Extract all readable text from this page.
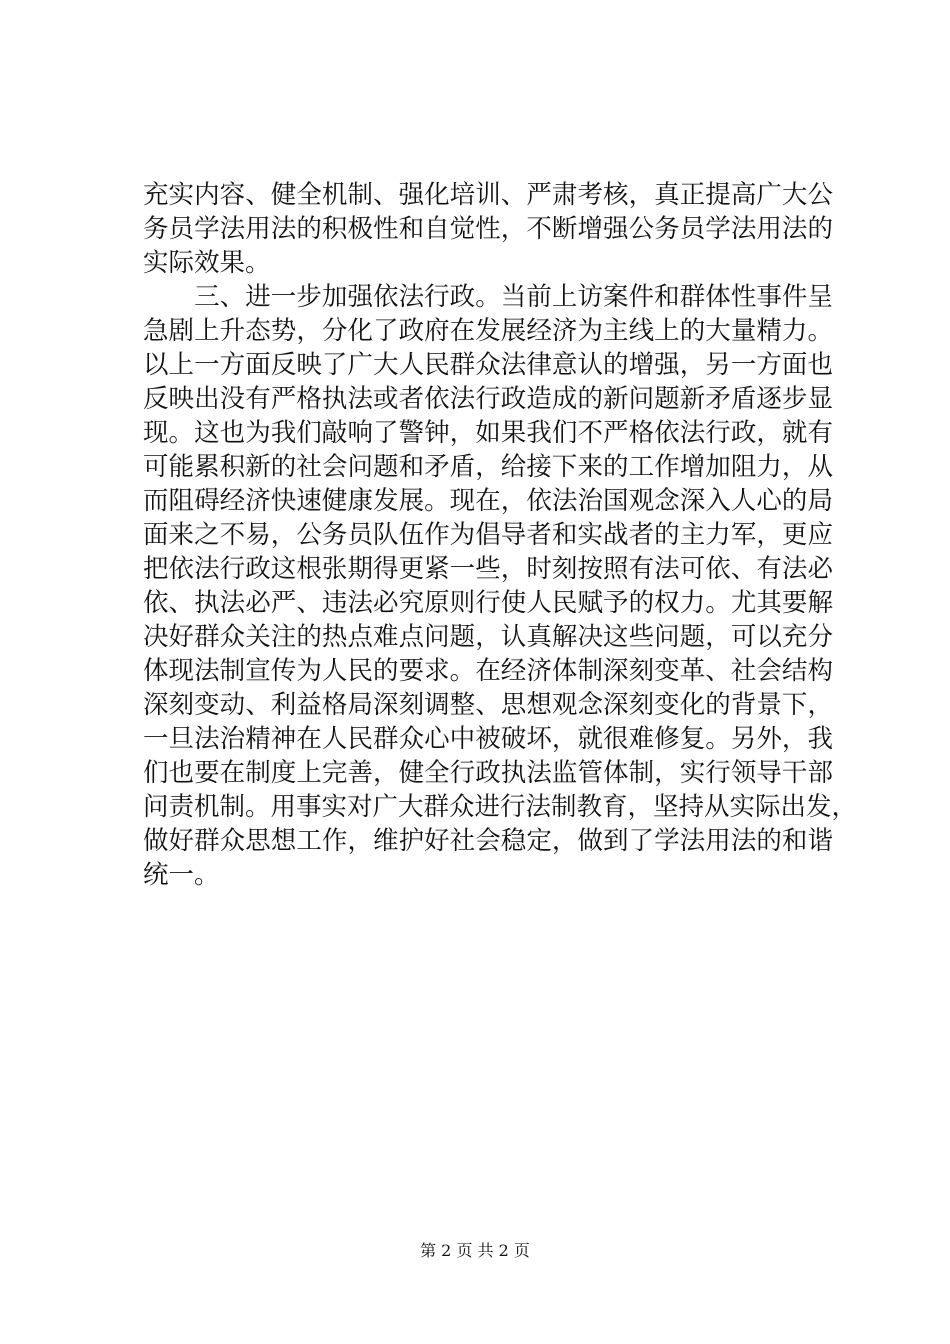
充实内容、健全机制、强化培训、严肃考核，真正提高广大公
务员学法用法的积极性和自觉性，不断增强公务员学法用法的
实际效果。
　　三、进一步加强依法行政。当前上访案件和群体性事件呈
急剧上升态势，分化了政府在发展经济为主线上的大量精力。
以上一方面反映了广大人民群众法律意认的增强，另一方面也
反映出没有严格执法或者依法行政造成的新问题新矛盾逐步显
现。这也为我们敲响了警钟，如果我们不严格依法行政，就有
可能累积新的社会问题和矛盾，给接下来的工作增加阻力，从
而阻碍经济快速健康发展。现在，依法治国观念深入人心的局
面来之不易，公务员队伍作为倡导者和实战者的主力军，更应
把依法行政这根张期得更紧一些，时刻按照有法可依、有法必
依、执法必严、违法必究原则行使人民赋予的权力。尤其要解
决好群众关注的热点难点问题，认真解决这些问题，可以充分
体现法制宣传为人民的要求。在经济体制深刻变革、社会结构
深刻变动、利益格局深刻调整、思想观念深刻变化的背景下，
一旦法治精神在人民群众心中被破坏，就很难修复。另外，我
们也要在制度上完善，健全行政执法监管体制，实行领导干部
问责机制。用事实对广大群众进行法制教育，坚持从实际出发，
做好群众思想工作，维护好社会稳定，做到了学法用法的和谐
统一。
第 2 页 共 2 页
